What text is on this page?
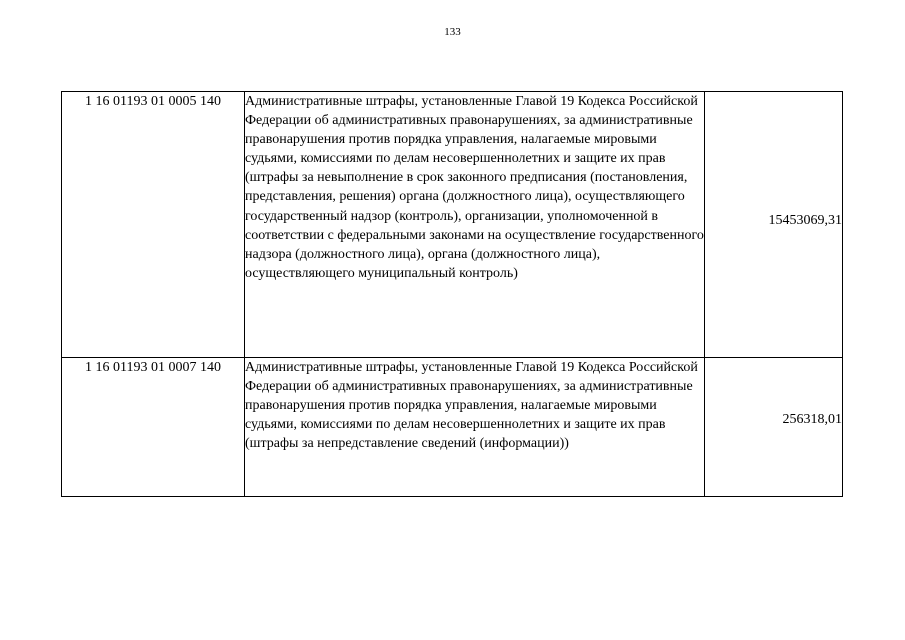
133
1 16 01193 01 0005 140	Административные штрафы, установленные Главой 19 Кодекса Российской Федерации об административных правонарушениях, за административные правонарушения против порядка управления, налагаемые мировыми судьями, комиссиями по делам несовершеннолетних и защите их прав (штрафы за невыполнение в срок законного предписания (постановления, представления, решения) органа (должностного лица), осуществляющего государственный надзор (контроль), организации, уполномоченной в соответствии с федеральными законами на осуществление государственного надзора (должностного лица), органа (должностного лица), осуществляющего муниципальный контроль)	15453069,31
1 16 01193 01 0007 140	Административные штрафы, установленные Главой 19 Кодекса Российской Федерации об административных правонарушениях, за административные правонарушения против порядка управления, налагаемые мировыми судьями, комиссиями по делам несовершеннолетних и защите их прав (штрафы за непредставление сведений (информации))	256318,01
